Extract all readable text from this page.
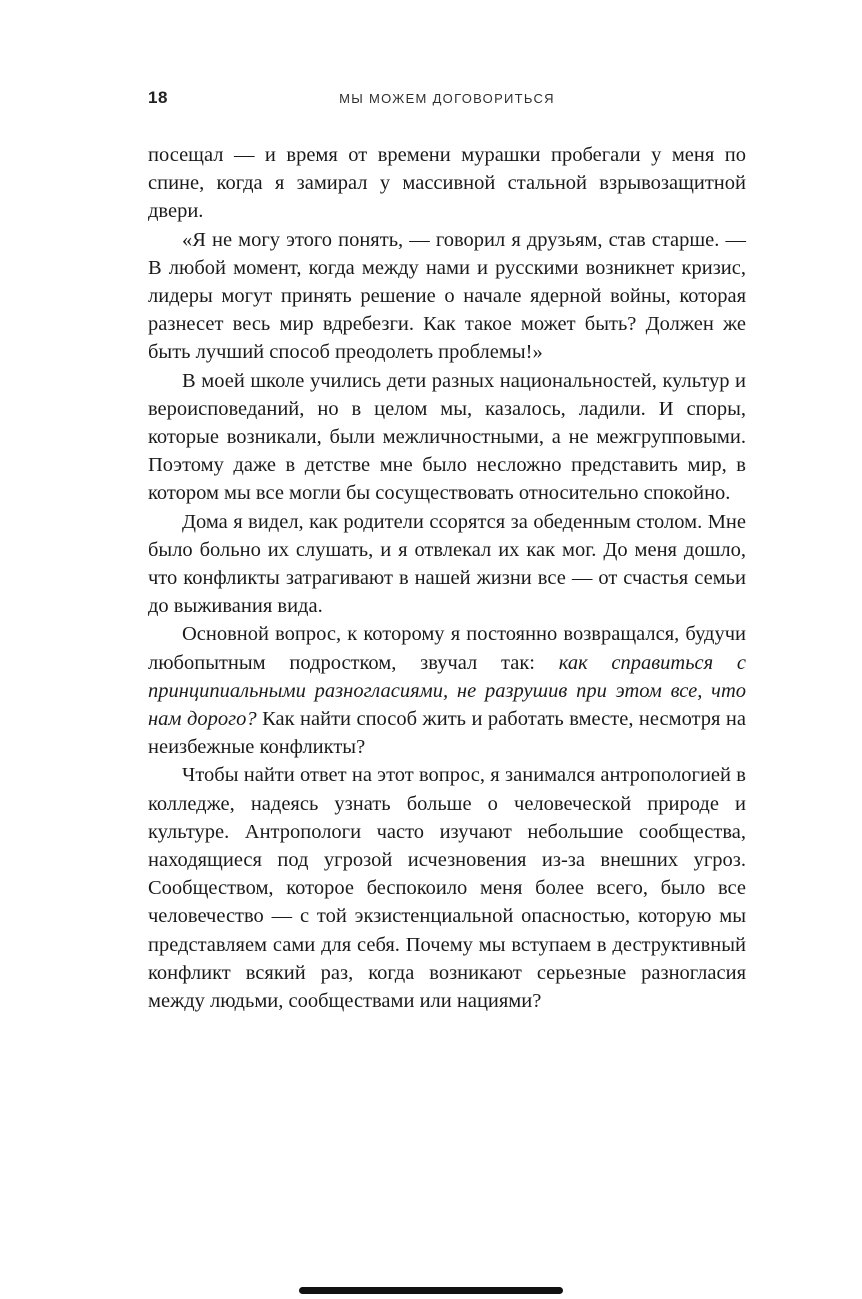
18	МЫ МОЖЕМ ДОГОВОРИТЬСЯ

посещал — и время от времени мурашки пробегали у меня по спине, когда я замирал у массивной стальной взрывозащитной двери.

«Я не могу этого понять, — говорил я друзьям, став старше. — В любой момент, когда между нами и русскими возникнет кризис, лидеры могут принять решение о начале ядерной войны, которая разнесет весь мир вдребезги. Как такое может быть? Должен же быть лучший способ преодолеть проблемы!»

В моей школе учились дети разных национальностей, культур и вероисповеданий, но в целом мы, казалось, ладили. И споры, которые возникали, были межличностными, а не межгрупповыми. Поэтому даже в детстве мне было несложно представить мир, в котором мы все могли бы сосуществовать относительно спокойно.

Дома я видел, как родители ссорятся за обеденным столом. Мне было больно их слушать, и я отвлекал их как мог. До меня дошло, что конфликты затрагивают в нашей жизни все — от счастья семьи до выживания вида.

Основной вопрос, к которому я постоянно возвращался, будучи любопытным подростком, звучал так: как справиться с принципиальными разногласиями, не разрушив при этом все, что нам дорого? Как найти способ жить и работать вместе, несмотря на неизбежные конфликты?

Чтобы найти ответ на этот вопрос, я занимался антропологией в колледже, надеясь узнать больше о человеческой природе и культуре. Антропологи часто изучают небольшие сообщества, находящиеся под угрозой исчезновения из-за внешних угроз. Сообществом, которое беспокоило меня более всего, было все человечество — с той экзистенциальной опасностью, которую мы представляем сами для себя. Почему мы вступаем в деструктивный конфликт всякий раз, когда возникают серьезные разногласия между людьми, сообществами или нациями?
